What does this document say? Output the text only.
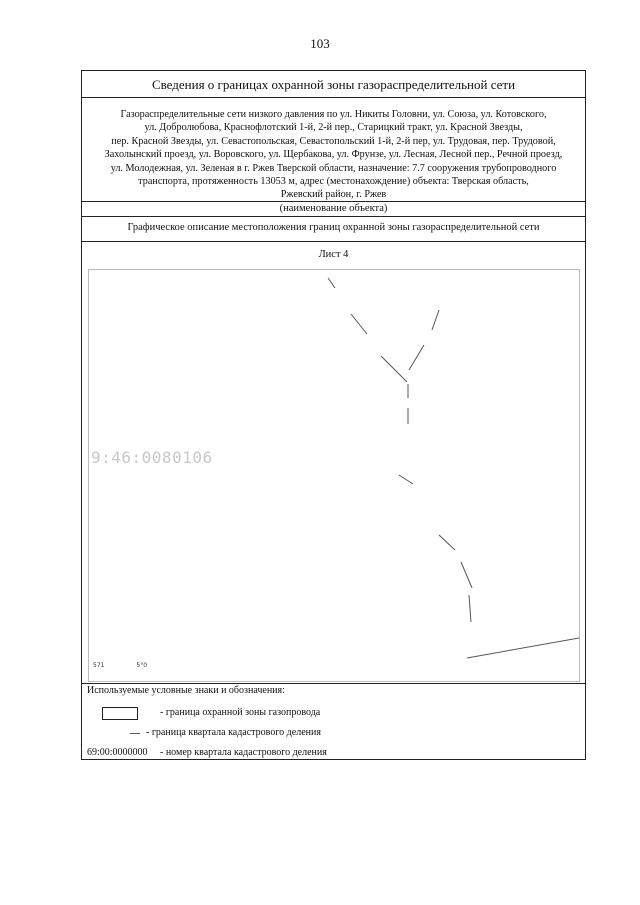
103
Сведения о границах охранной зоны газораспределительной сети
Газораспределительные сети низкого давления по ул. Никиты Головни, ул. Союза, ул. Котовского,
ул. Добролюбова, Краснофлотский 1-й, 2-й пер., Старицкий тракт, ул. Красной Звезды,
пер. Красной Звезды, ул. Севастопольская, Севастопольский 1-й, 2-й пер, ул. Трудовая, пер. Трудовой,
Захолынский проезд, ул. Воровского, ул. Щербакова, ул. Фрунзе, ул. Лесная, Лесной пер., Речной проезд,
ул. Молодежная, ул. Зеленая в г. Ржев Тверской области, назначение: 7.7 сооружения трубопроводного
транспорта, протяженность 13053 м, адрес (местонахождение) объекта: Тверская область,
Ржевский район, г. Ржев
(наименование объекта)
Графическое описание местоположения границ охранной зоны газораспределительной сети
Лист 4
9:46:0080106
571	5°0
Используемые условные знаки и обозначения:
- граница охранной зоны газопровода
- граница квартала кадастрового деления
69:00:0000000 - номер квартала кадастрового деления
